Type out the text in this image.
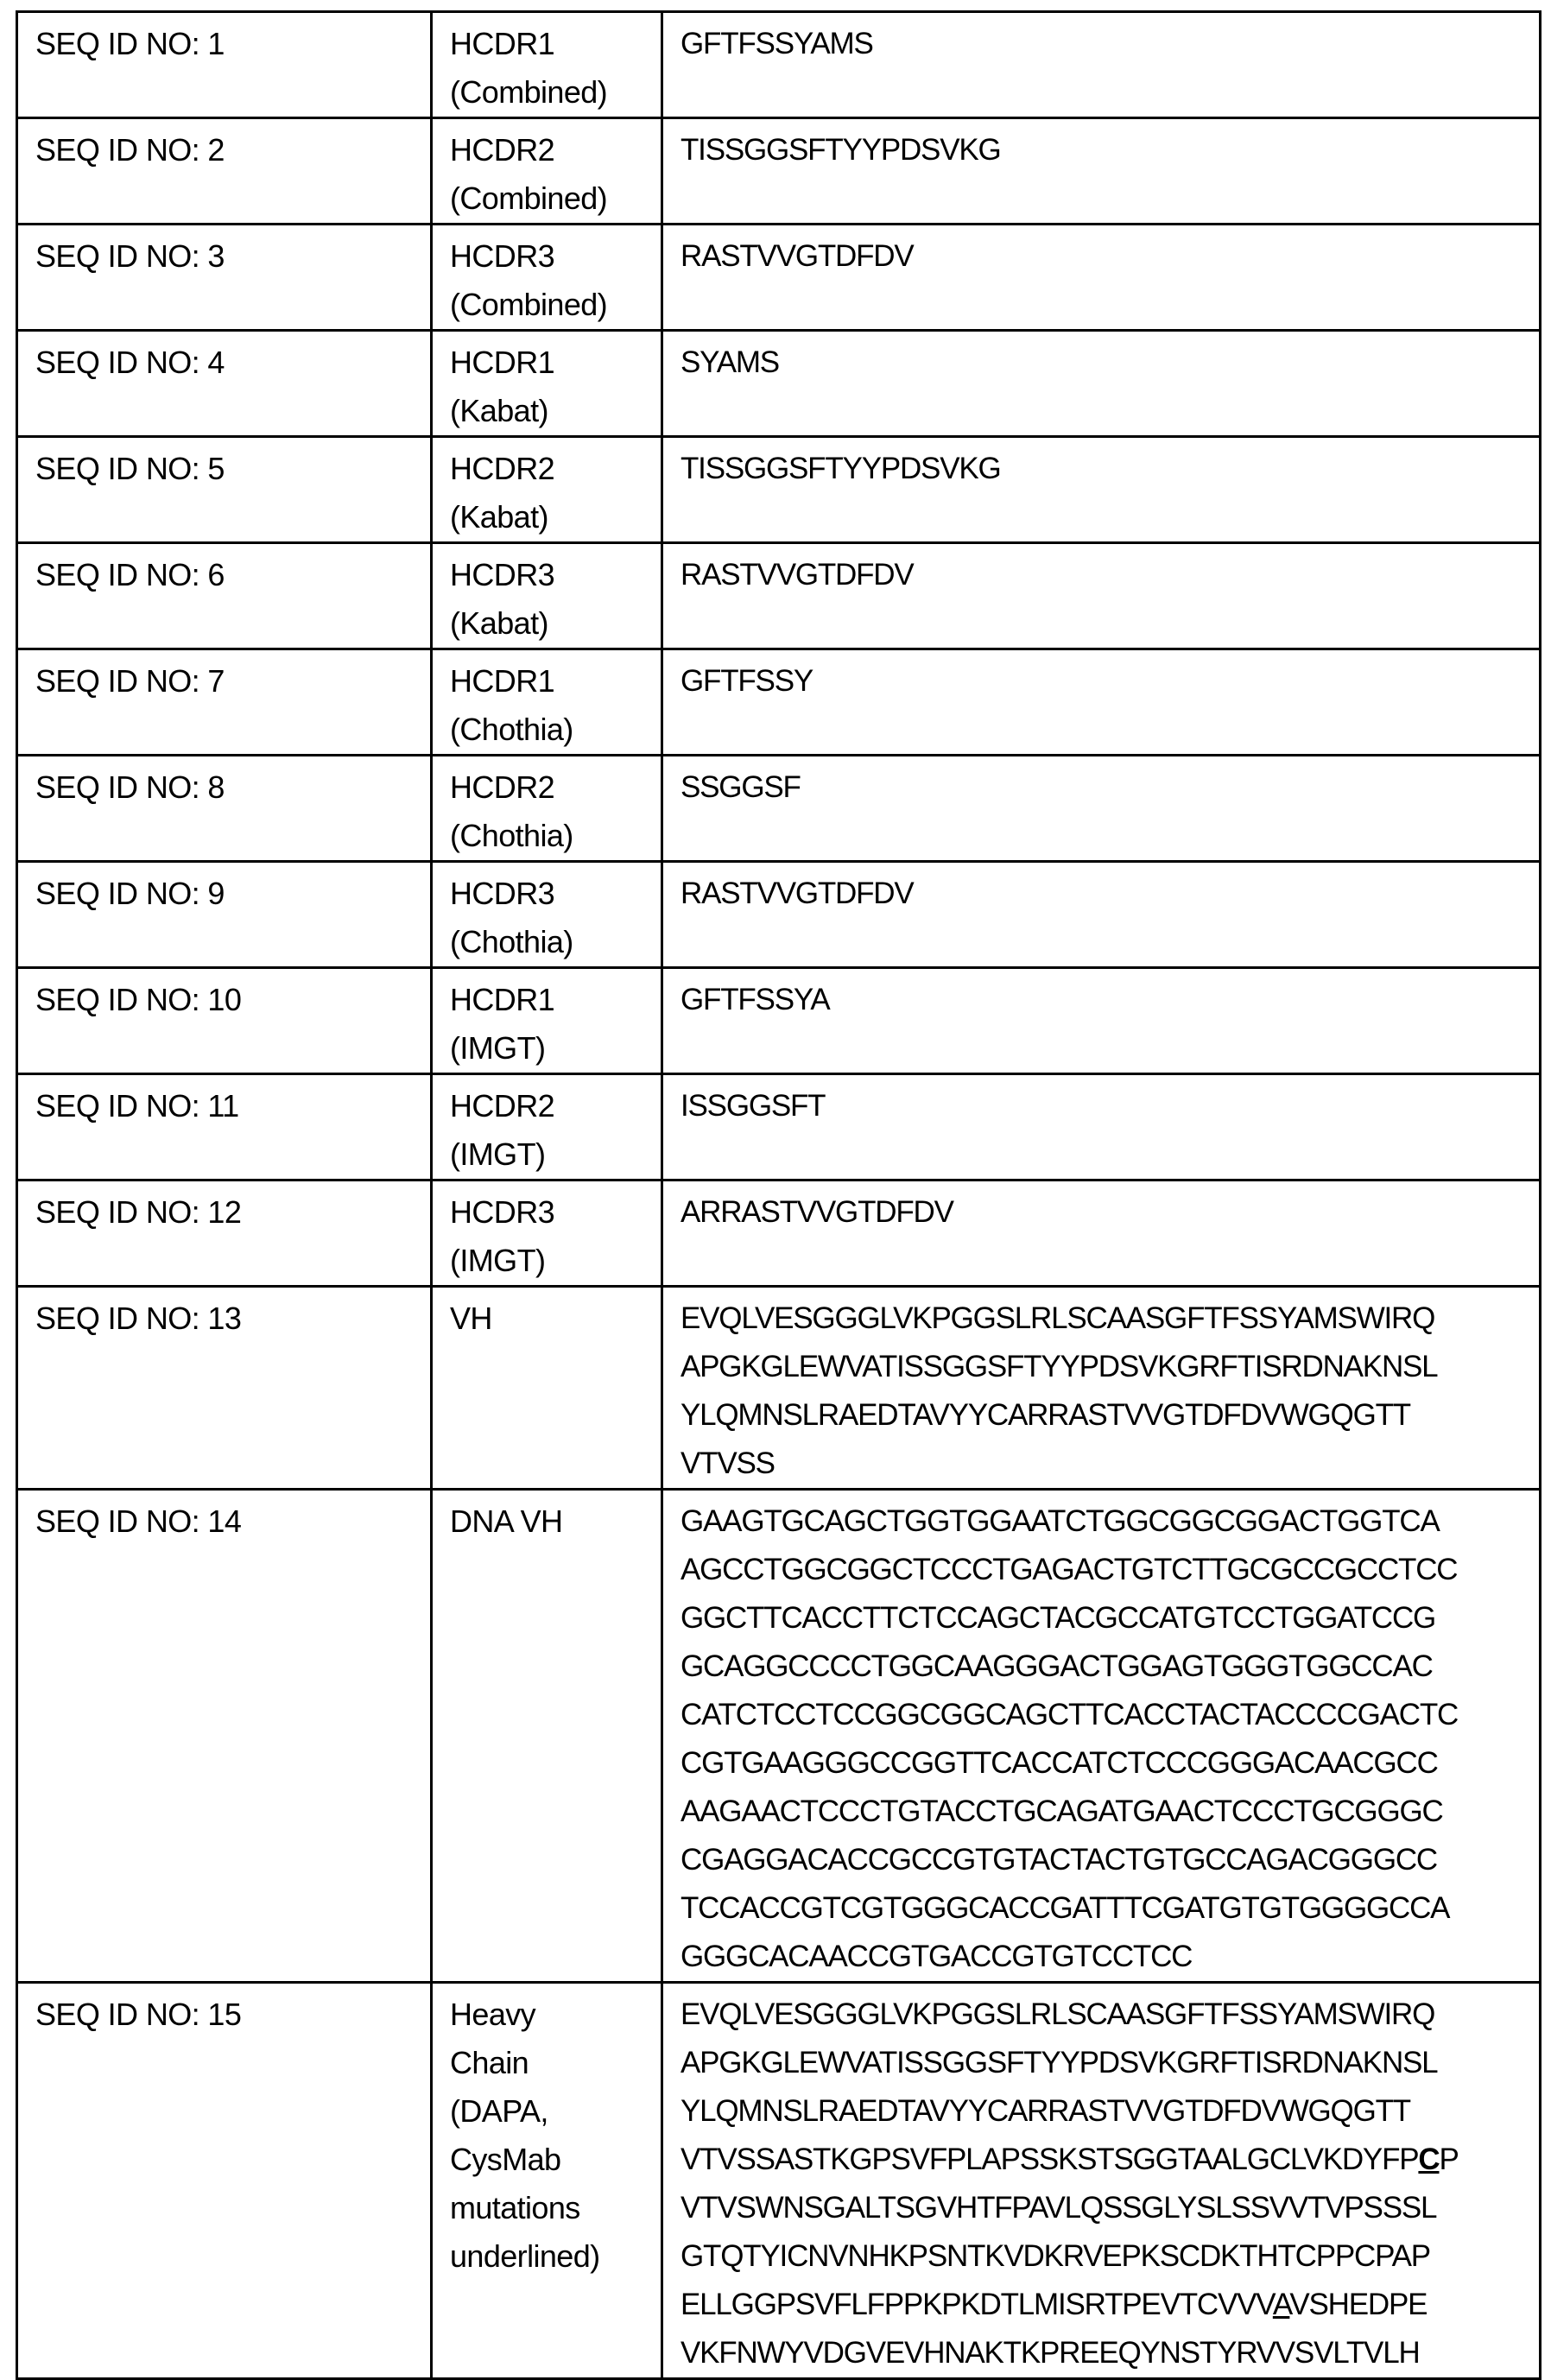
SEQ ID NO: 1	HCDR1
(Combined)

GFTFSSYAMS

SEQ ID NO: 2	HCDR2
(Combined)

TISSGGSFTYYPDSVKG

SEQ ID NO: 3	HCDR3
(Combined)

RASTVVGTDFDV

SEQ ID NO: 4	HCDR1
(Kabat)

SYAMS

SEQ ID NO: 5	HCDR2
(Kabat)

TISSGGSFTYYPDSVKG

SEQ ID NO: 6	HCDR3
(Kabat)

RASTVVGTDFDV

SEQ ID NO: 7	HCDR1
(Chothia)

GFTFSSY

SEQ ID NO: 8	HCDR2
(Chothia)

SSGGSF

SEQ ID NO: 9	HCDR3
(Chothia)

RASTVVGTDFDV

SEQ ID NO: 10	HCDR1
(IMGT)

GFTFSSYA

SEQ ID NO: 11	HCDR2
(IMGT)

ISSGGSFT

SEQ ID NO: 12	HCDR3
(IMGT)

ARRASTVVGTDFDV

SEQ ID NO: 13	VH	EVQLVESGGGLVKPGGSLRLSCAASGFTFSSYAMSWIRQ
APGKGLEWVATISSGGSFTYYPDSVKGRFTISRDNAKNSL
YLQMNSLRAEDTAVYYCARRASTVVGTDFDVWGQGTT
VTVSS

SEQ ID NO: 14	DNA VH	GAAGTGCAGCTGGTGGAATCTGGCGGCGGACTGGTCA
AGCCTGGCGGCTCCCTGAGACTGTCTTGCGCCGCCTCC
GGCTTCACCTTCTCCAGCTACGCCATGTCCTGGATCCG
GCAGGCCCCTGGCAAGGGACTGGAGTGGGTGGCCAC
CATCTCCTCCGGCGGCAGCTTCACCTACTACCCCGACTC
CGTGAAGGGCCGGTTCACCATCTCCCGGGACAACGCC
AAGAACTCCCTGTACCTGCAGATGAACTCCCTGCGGGC
CGAGGACACCGCCGTGTACTACTGTGCCAGACGGGCC
TCCACCGTCGTGGGCACCGATTTCGATGTGTGGGGCCA
GGGCACAACCGTGACCGTGTCCTCC

SEQ ID NO: 15	Heavy
Chain
(DAPA,
CysMab
mutations
underlined)

EVQLVESGGGLVKPGGSLRLSCAASGFTFSSYAMSWIRQ
APGKGLEWVATISSGGSFTYYPDSVKGRFTISRDNAKNSL
YLQMNSLRAEDTAVYYCARRASTVVGTDFDVWGQGTT
VTVSSASTKGPSVFPLAPSSKSTSGGTAALGCLVKDYFPCP
VTVSWNSGALTSGVHTFPAVLQSSGLYSLSSVVTVPSSSL
GTQTYICNVNHKPSNTKVDKRVEPKSCDKTHTCPPCPAP
ELLGGPSVFLFPPKPKDTLMISRTPEVTCVVVAVSHEDPE
VKFNWYVDGVEVHNAKTKPREEQYNSTYRVVSVLTVLH
